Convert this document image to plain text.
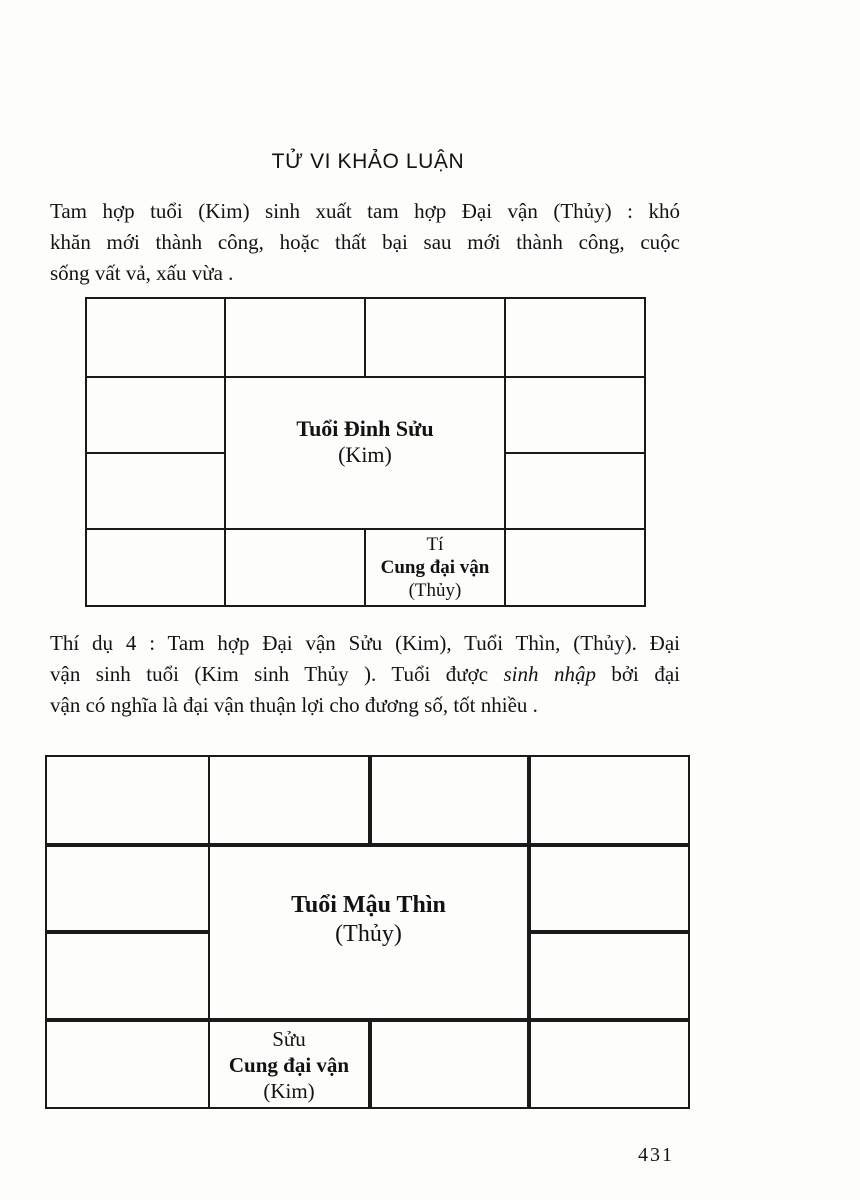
TỬ VI KHẢO LUẬN
Tam hợp tuổi (Kim) sinh xuất tam hợp Đại vận (Thủy) : khó
khăn mới thành công, hoặc thất bại sau mới thành công, cuộc
sống vất vả, xấu vừa .
Tuổi Đinh Sửu
(Kim)
Tí
Cung đại vận
(Thủy)
Thí dụ 4 : Tam hợp Đại vận Sửu (Kim), Tuổi Thìn, (Thủy). Đại
vận sinh tuổi (Kim sinh Thủy ). Tuổi được sinh nhập bởi đại
vận có nghĩa là đại vận thuận lợi cho đương số, tốt nhiều .
Tuổi Mậu Thìn
(Thủy)
Sửu
Cung đại vận
(Kim)
431
